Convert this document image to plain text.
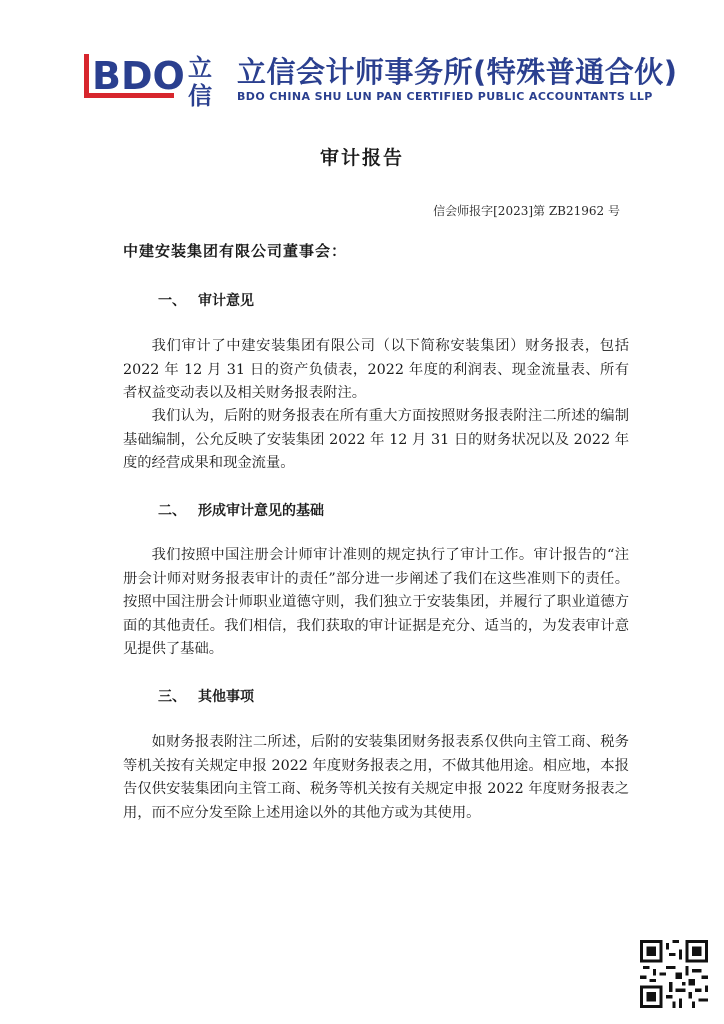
BDO 立
信
立信会计师事务所(特殊普通合伙)
BDO CHINA SHU LUN PAN CERTIFIED PUBLIC ACCOUNTANTS LLP
审计报告
信会师报字[2023]第 ZB21962 号
中建安装集团有限公司董事会：
一、 审计意见

我们审计了中建安装集团有限公司（以下简称安装集团）财务报表，包括 2022 年 12 月 31 日的资产负债表，2022 年度的利润表、现金流量表、所有者权益变动表以及相关财务报表附注。

我们认为，后附的财务报表在所有重大方面按照财务报表附注二所述的编制基础编制，公允反映了安装集团 2022 年 12 月 31 日的财务状况以及 2022 年度的经营成果和现金流量。

二、 形成审计意见的基础

我们按照中国注册会计师审计准则的规定执行了审计工作。审计报告的“注册会计师对财务报表审计的责任”部分进一步阐述了我们在这些准则下的责任。按照中国注册会计师职业道德守则，我们独立于安装集团，并履行了职业道德方面的其他责任。我们相信，我们获取的审计证据是充分、适当的，为发表审计意见提供了基础。

三、 其他事项

如财务报表附注二所述，后附的安装集团财务报表系仅供向主管工商、税务等机关按有关规定申报 2022 年度财务报表之用，不做其他用途。相应地，本报告仅供安装集团向主管工商、税务等机关按有关规定申报 2022 年度财务报表之用，而不应分发至除上述用途以外的其他方或为其使用。
